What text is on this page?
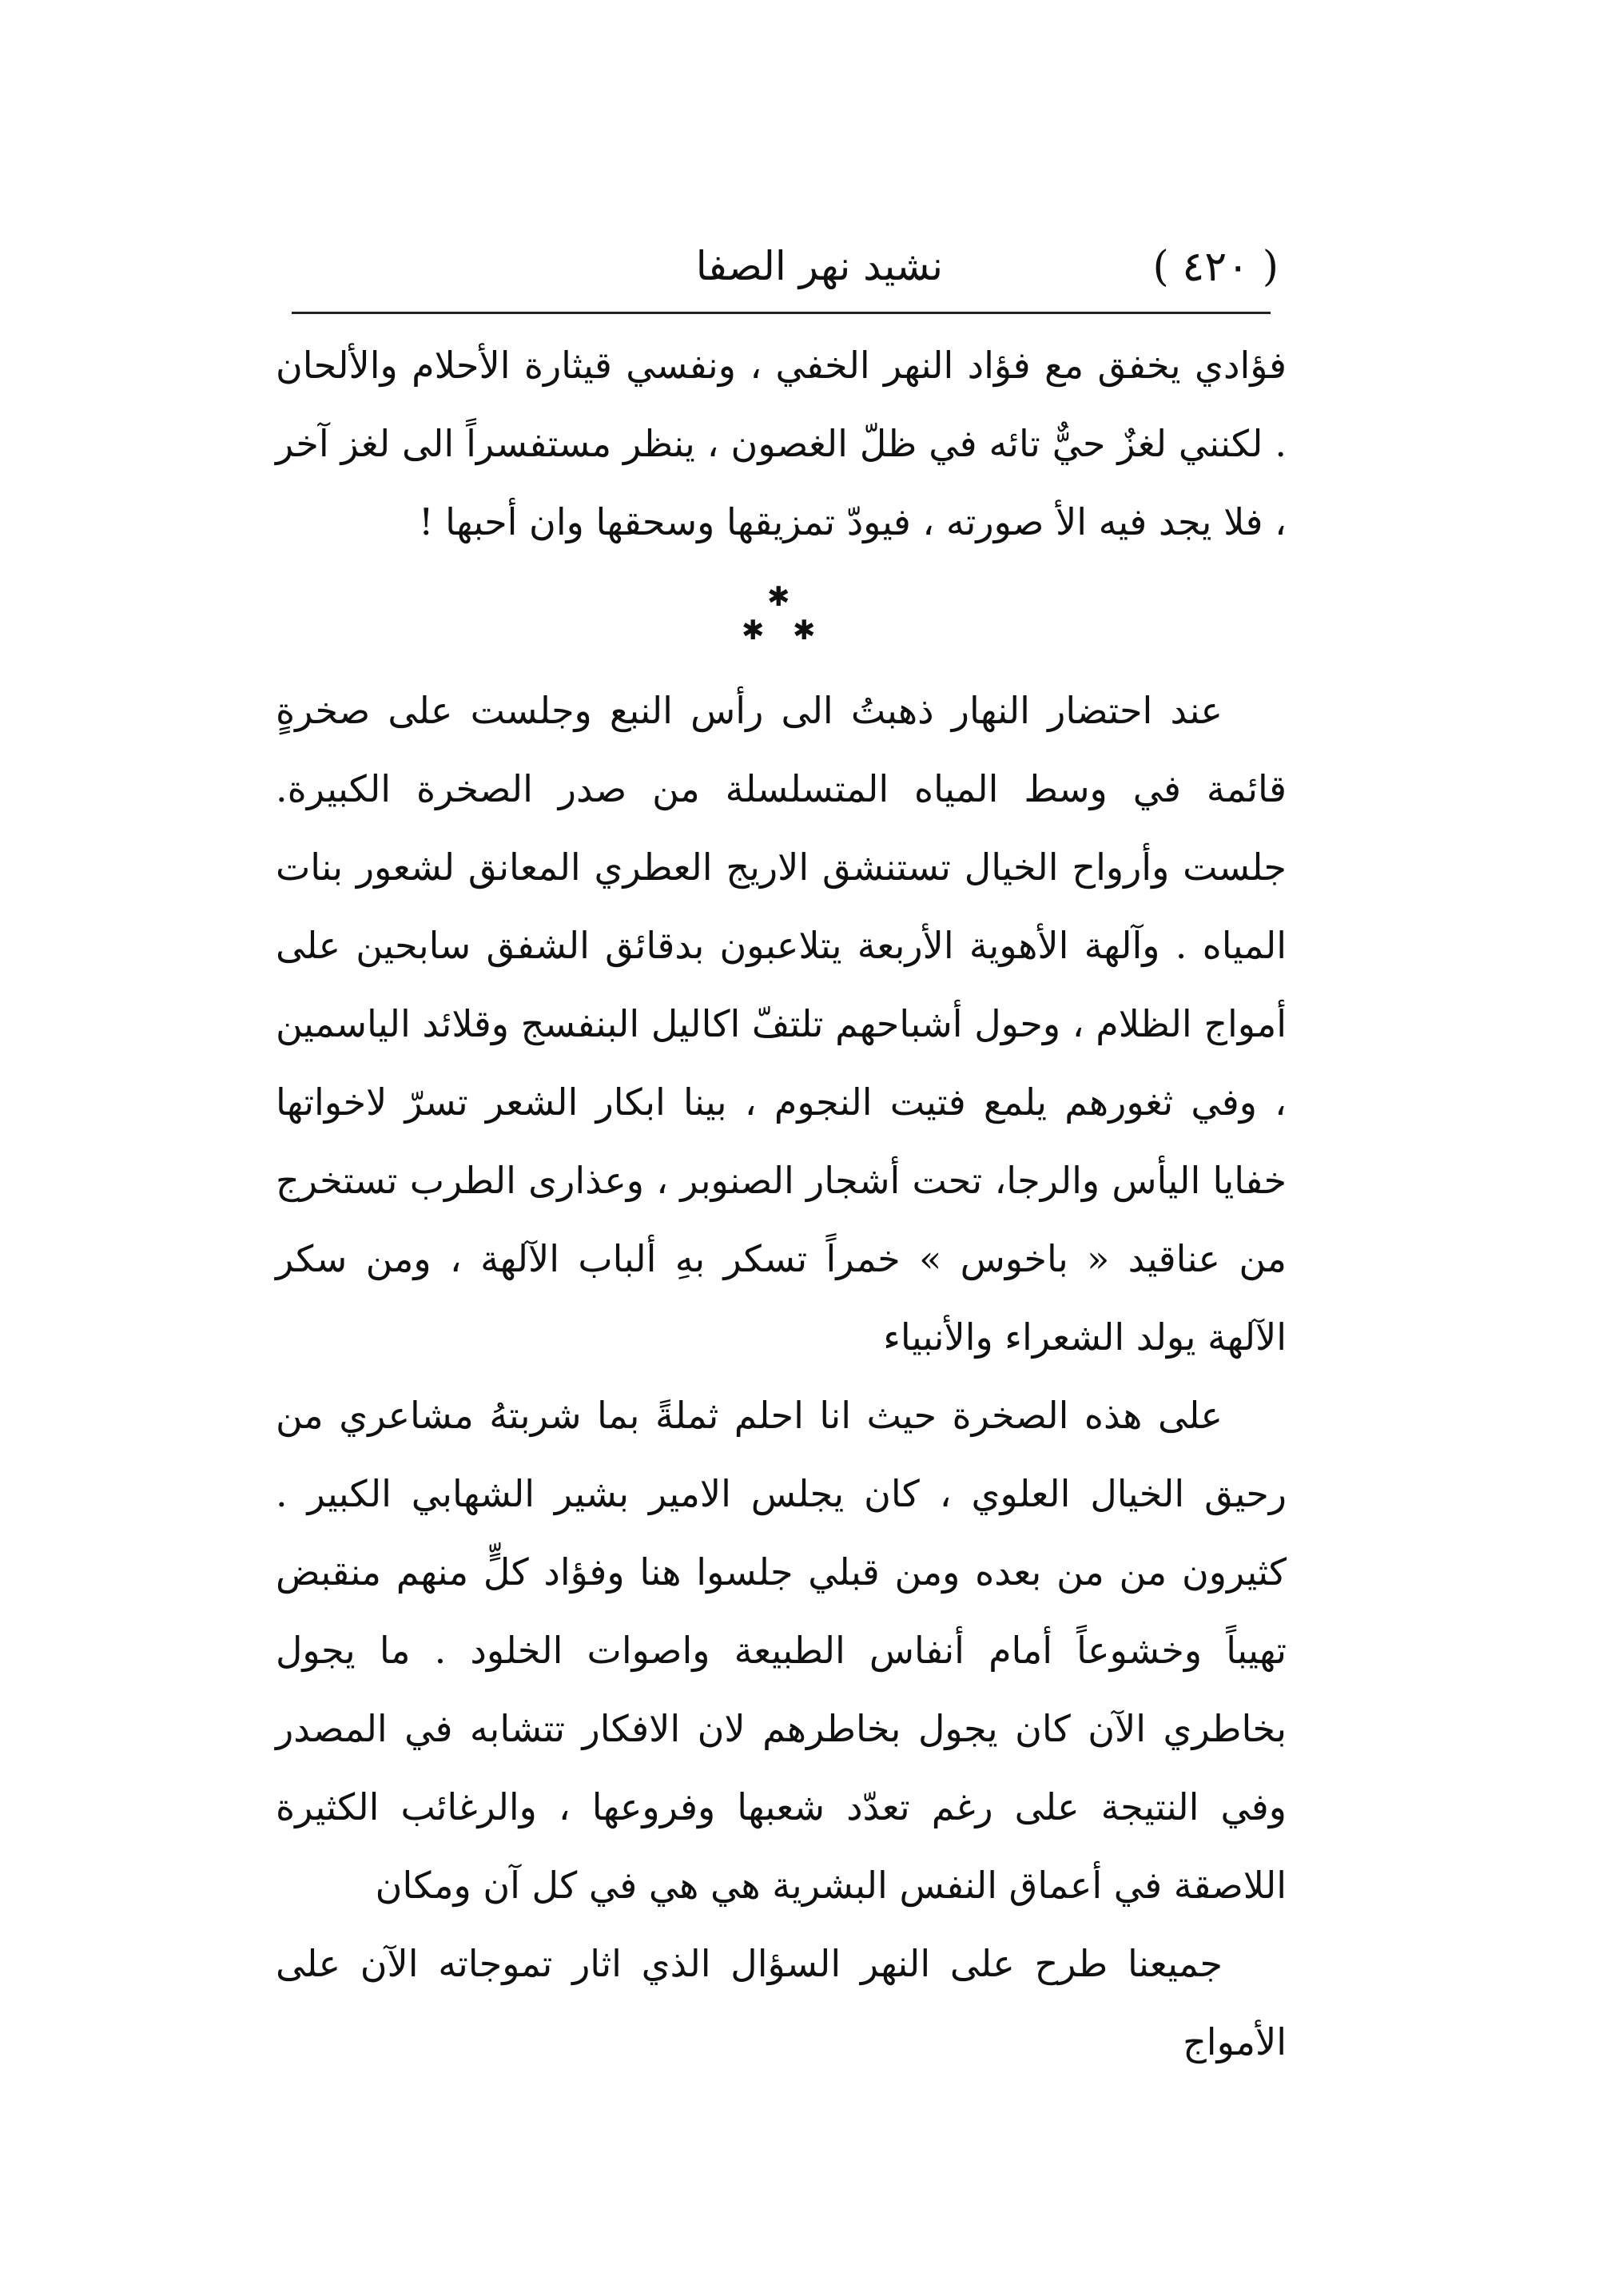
( ٤٢٠ )
نشيد نهر الصفا

فؤادي يخفق مع فؤاد النهر الخفي ، ونفسي قيثارة الأحلام والألحان . لكنني لغزٌ حيٌّ تائه في ظلّ الغصون ، ينظر مستفسراً الى لغز آخر ، فلا يجد فيه الأ صورته ، فيودّ تمزيقها وسحقها وان أحبها !

✱
✱ ✱

عند احتضار النهار ذهبتُ الى رأس النبع وجلست على صخرةٍ قائمة في وسط المياه المتسلسلة من صدر الصخرة الكبيرة. جلست وأرواح الخيال تستنشق الاريج العطري المعانق لشعور بنات المياه . وآلهة الأهوية الأربعة يتلاعبون بدقائق الشفق سابحين على أمواج الظلام ، وحول أشباحهم تلتفّ اكاليل البنفسج وقلائد الياسمين ، وفي ثغورهم يلمع فتيت النجوم ، بينا ابكار الشعر تسرّ لاخواتها خفايا اليأس والرجا، تحت أشجار الصنوبر ، وعذارى الطرب تستخرج من عناقيد « باخوس » خمراً تسكر بهِ ألباب الآلهة ، ومن سكر الآلهة يولد الشعراء والأنبياء

على هذه الصخرة حيث انا احلم ثملةً بما شربتهُ مشاعري من رحيق الخيال العلوي ، كان يجلس الامير بشير الشهابي الكبير . كثيرون من من بعده ومن قبلي جلسوا هنا وفؤاد كلٍّ منهم منقبض تهيباً وخشوعاً أمام أنفاس الطبيعة واصوات الخلود . ما يجول بخاطري الآن كان يجول بخاطرهم لان الافكار تتشابه في المصدر وفي النتيجة على رغم تعدّد شعبها وفروعها ، والرغائب الكثيرة اللاصقة في أعماق النفس البشرية هي هي في كل آن ومكان

جميعنا طرح على النهر السؤال الذي اثار تموجاته الآن على الأمواج
